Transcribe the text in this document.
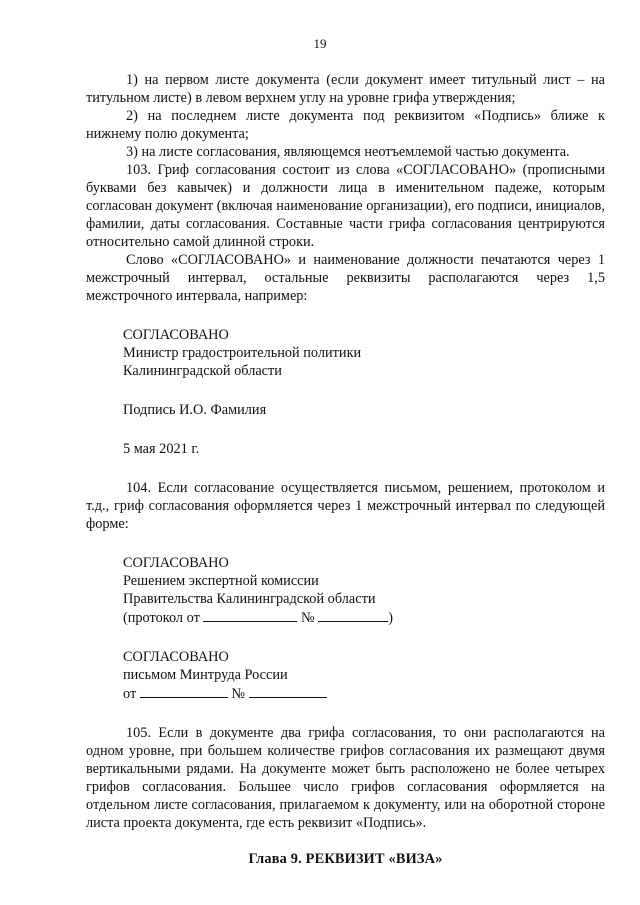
19

1) на первом листе документа (если документ имеет титульный лист – на титульном листе) в левом верхнем углу на уровне грифа утверждения;

2) на последнем листе документа под реквизитом «Подпись» ближе к нижнему полю документа;

3) на листе согласования, являющемся неотъемлемой частью документа.

103. Гриф согласования состоит из слова «СОГЛАСОВАНО» (прописными буквами без кавычек) и должности лица в именительном падеже, которым согласован документ (включая наименование организации), его подписи, инициалов, фамилии, даты согласования. Составные части грифа согласования центрируются относительно самой длинной строки.

Слово «СОГЛАСОВАНО» и наименование должности печатаются через 1 межстрочный интервал, остальные реквизиты располагаются через 1,5 межстрочного интервала, например:

СОГЛАСОВАНО
Министр градостроительной политики
Калининградской области
Подпись И.О. Фамилия
5 мая 2021 г.

104. Если согласование осуществляется письмом, решением, протоколом и т.д., гриф согласования оформляется через 1 межстрочный интервал по следующей форме:

СОГЛАСОВАНО
Решением экспертной комиссии
Правительства Калининградской области
(протокол от	№	)
СОГЛАСОВАНО
письмом Минтруда России
от	№

105. Если в документе два грифа согласования, то они располагаются на одном уровне, при большем количестве грифов согласования их размещают двумя вертикальными рядами. На документе может быть расположено не более четырех грифов согласования. Большее число грифов согласования оформляется на отдельном листе согласования, прилагаемом к документу, или на оборотной стороне листа проекта документа, где есть реквизит «Подпись».

Глава 9. РЕКВИЗИТ «ВИЗА»
